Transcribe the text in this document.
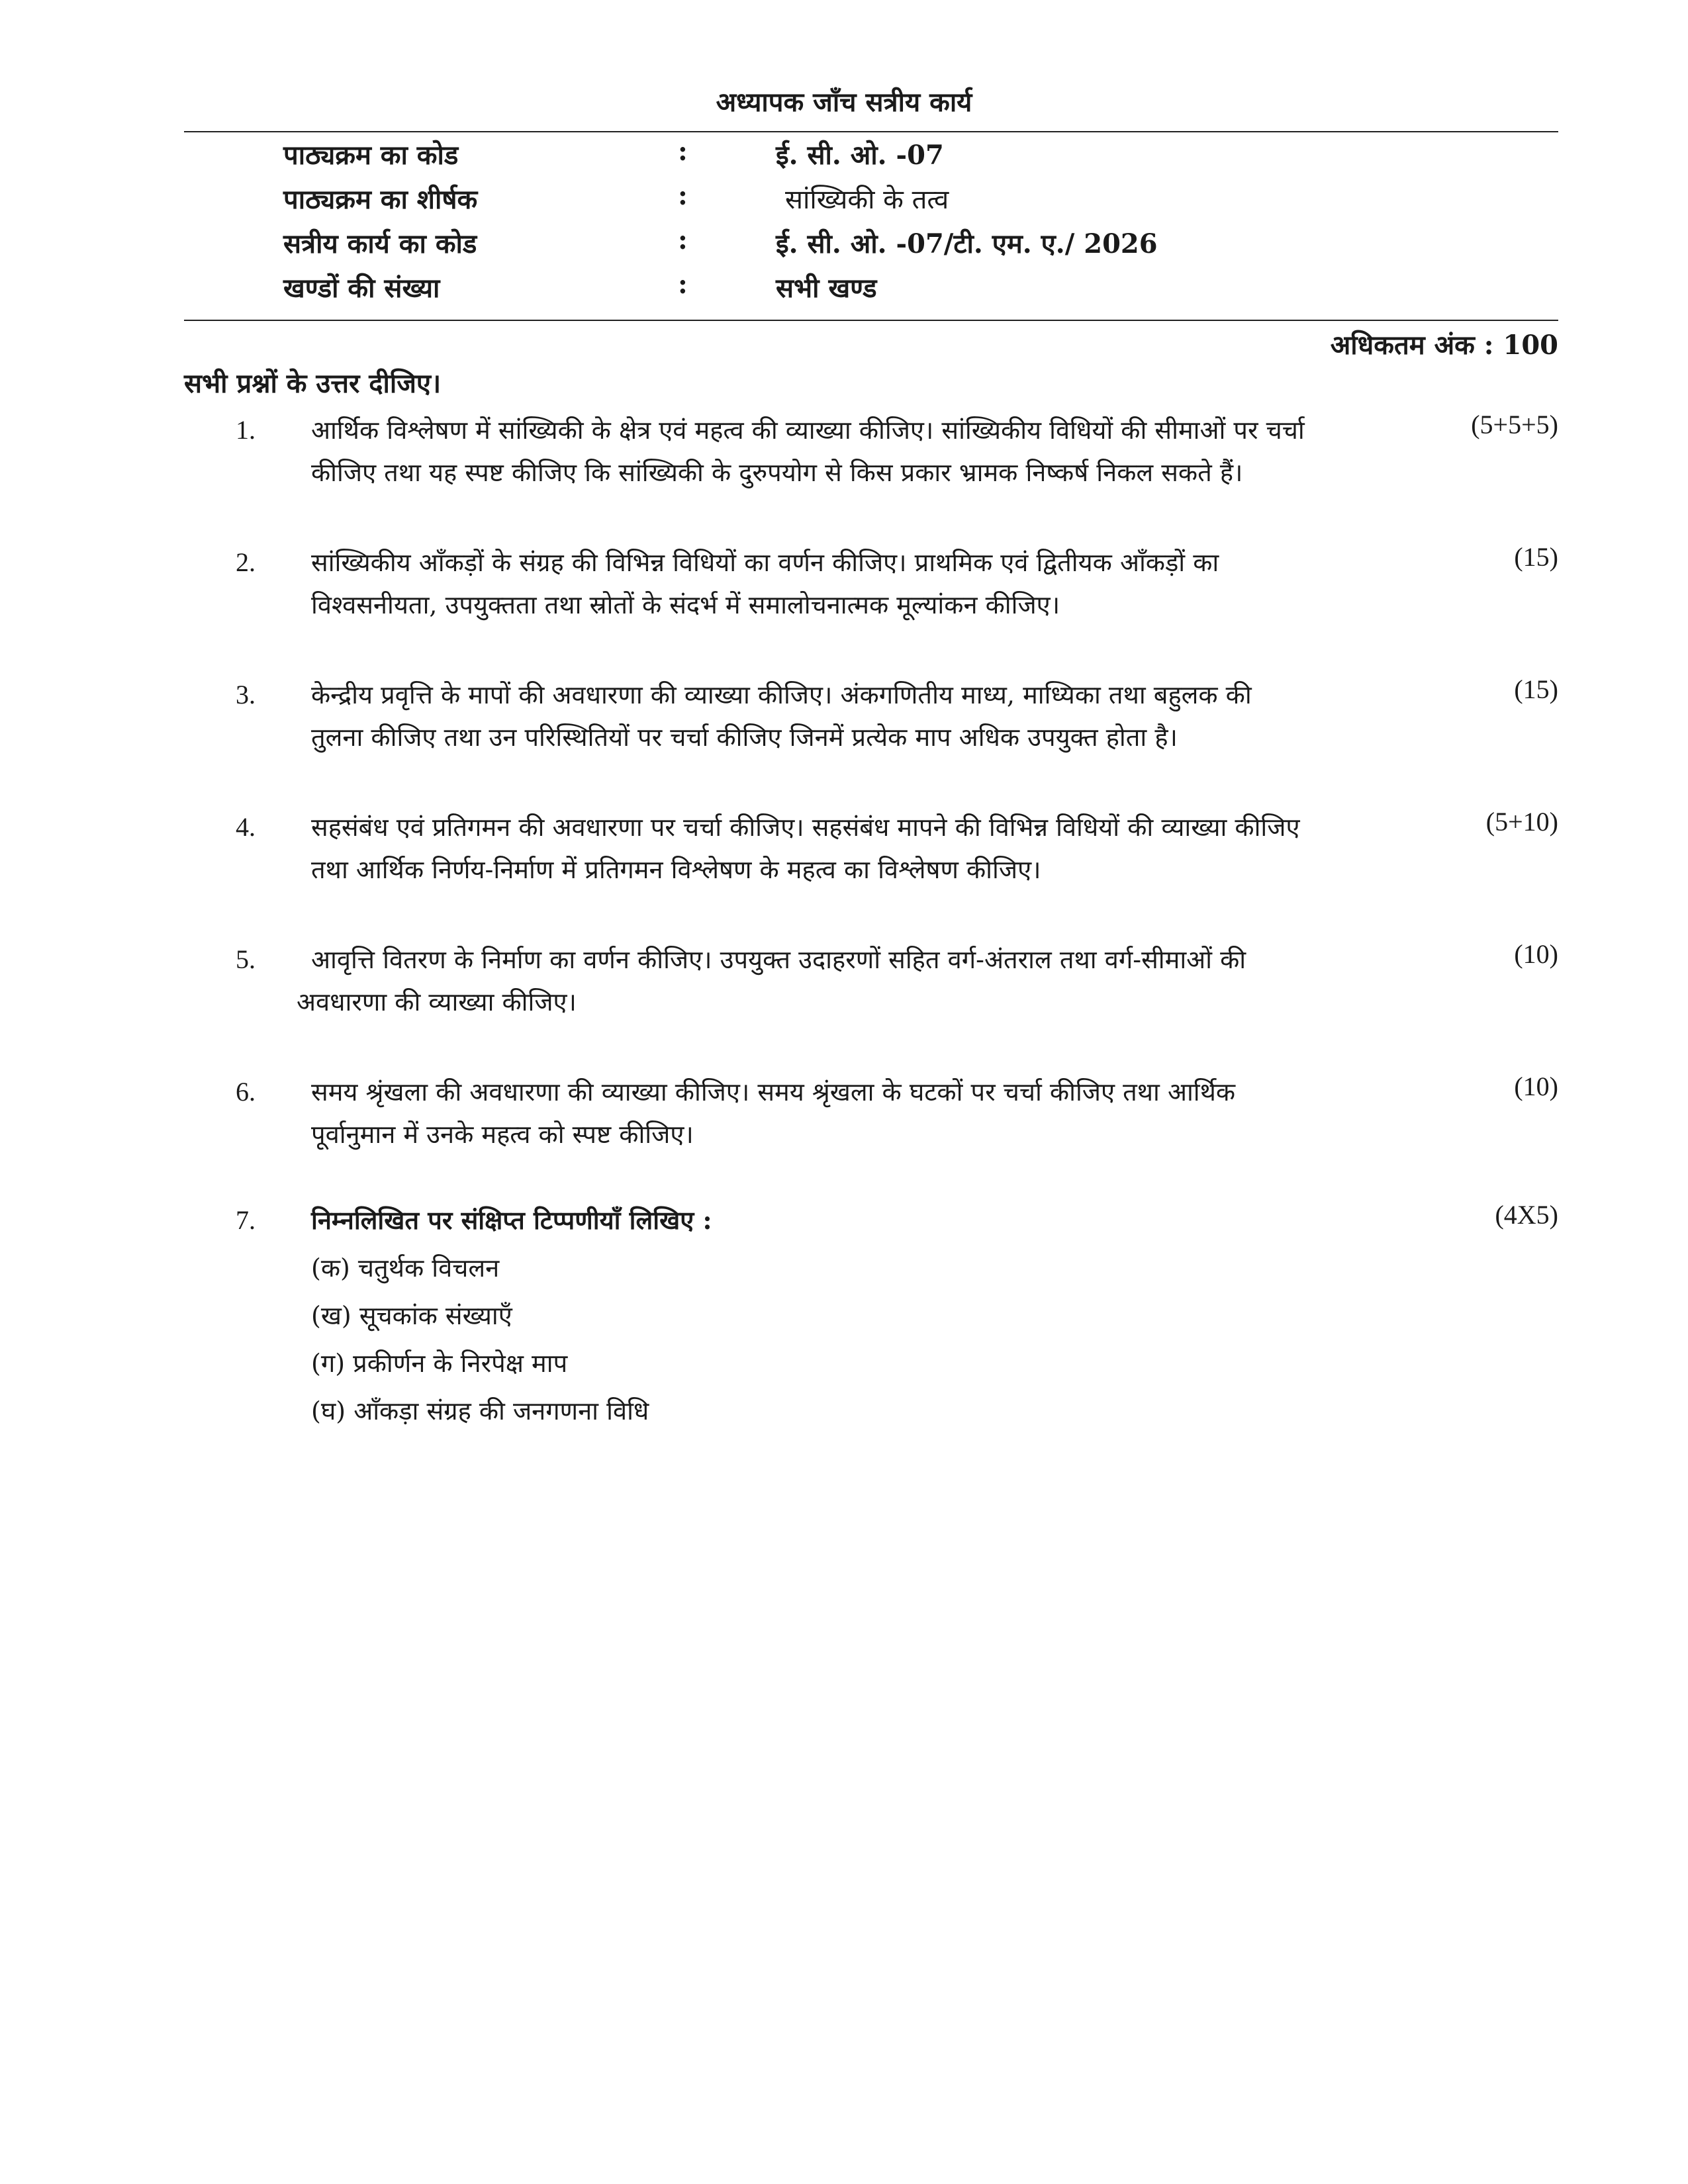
अध्यापक जाँच सत्रीय कार्य
पाठ्यक्रम का कोड	:	ई. सी. ओ. -07
पाठ्यक्रम का शीर्षक	:	सांख्यिकी के तत्व
सत्रीय कार्य का कोड	:	ई. सी. ओ. -07/टी. एम. ए./ 2026
खण्डों की संख्या	:	सभी खण्ड
अधिकतम अंक : 100
सभी प्रश्नों के उत्तर दीजिए।
1. आर्थिक विश्लेषण में सांख्यिकी के क्षेत्र एवं महत्व की व्याख्या कीजिए। सांख्यिकीय विधियों की सीमाओं पर चर्चा
कीजिए तथा यह स्पष्ट कीजिए कि सांख्यिकी के दुरुपयोग से किस प्रकार भ्रामक निष्कर्ष निकल सकते हैं।
(5+5+5)
2. सांख्यिकीय आँकड़ों के संग्रह की विभिन्न विधियों का वर्णन कीजिए। प्राथमिक एवं द्वितीयक आँकड़ों का
विश्वसनीयता, उपयुक्तता तथा स्रोतों के संदर्भ में समालोचनात्मक मूल्यांकन कीजिए।
(15)
3. केन्द्रीय प्रवृत्ति के मापों की अवधारणा की व्याख्या कीजिए। अंकगणितीय माध्य, माध्यिका तथा बहुलक की
तुलना कीजिए तथा उन परिस्थितियों पर चर्चा कीजिए जिनमें प्रत्येक माप अधिक उपयुक्त होता है।
(15)
4. सहसंबंध एवं प्रतिगमन की अवधारणा पर चर्चा कीजिए। सहसंबंध मापने की विभिन्न विधियों की व्याख्या कीजिए
तथा आर्थिक निर्णय-निर्माण में प्रतिगमन विश्लेषण के महत्व का विश्लेषण कीजिए।
(5+10)
5.	आवृत्ति वितरण के निर्माण का वर्णन कीजिए। उपयुक्त उदाहरणों सहित वर्ग-अंतराल तथा वर्ग-सीमाओं की
अवधारणा की व्याख्या कीजिए।
(10)
6. समय श्रृंखला की अवधारणा की व्याख्या कीजिए। समय श्रृंखला के घटकों पर चर्चा कीजिए तथा आर्थिक
पूर्वानुमान में उनके महत्व को स्पष्ट कीजिए।
(10)
7. निम्नलिखित पर संक्षिप्त टिप्पणीयाँ लिखिए :	(4X5)
(क) चतुर्थक विचलन
(ख) सूचकांक संख्याएँ
(ग) प्रकीर्णन के निरपेक्ष माप
(घ) आँकड़ा संग्रह की जनगणना विधि
